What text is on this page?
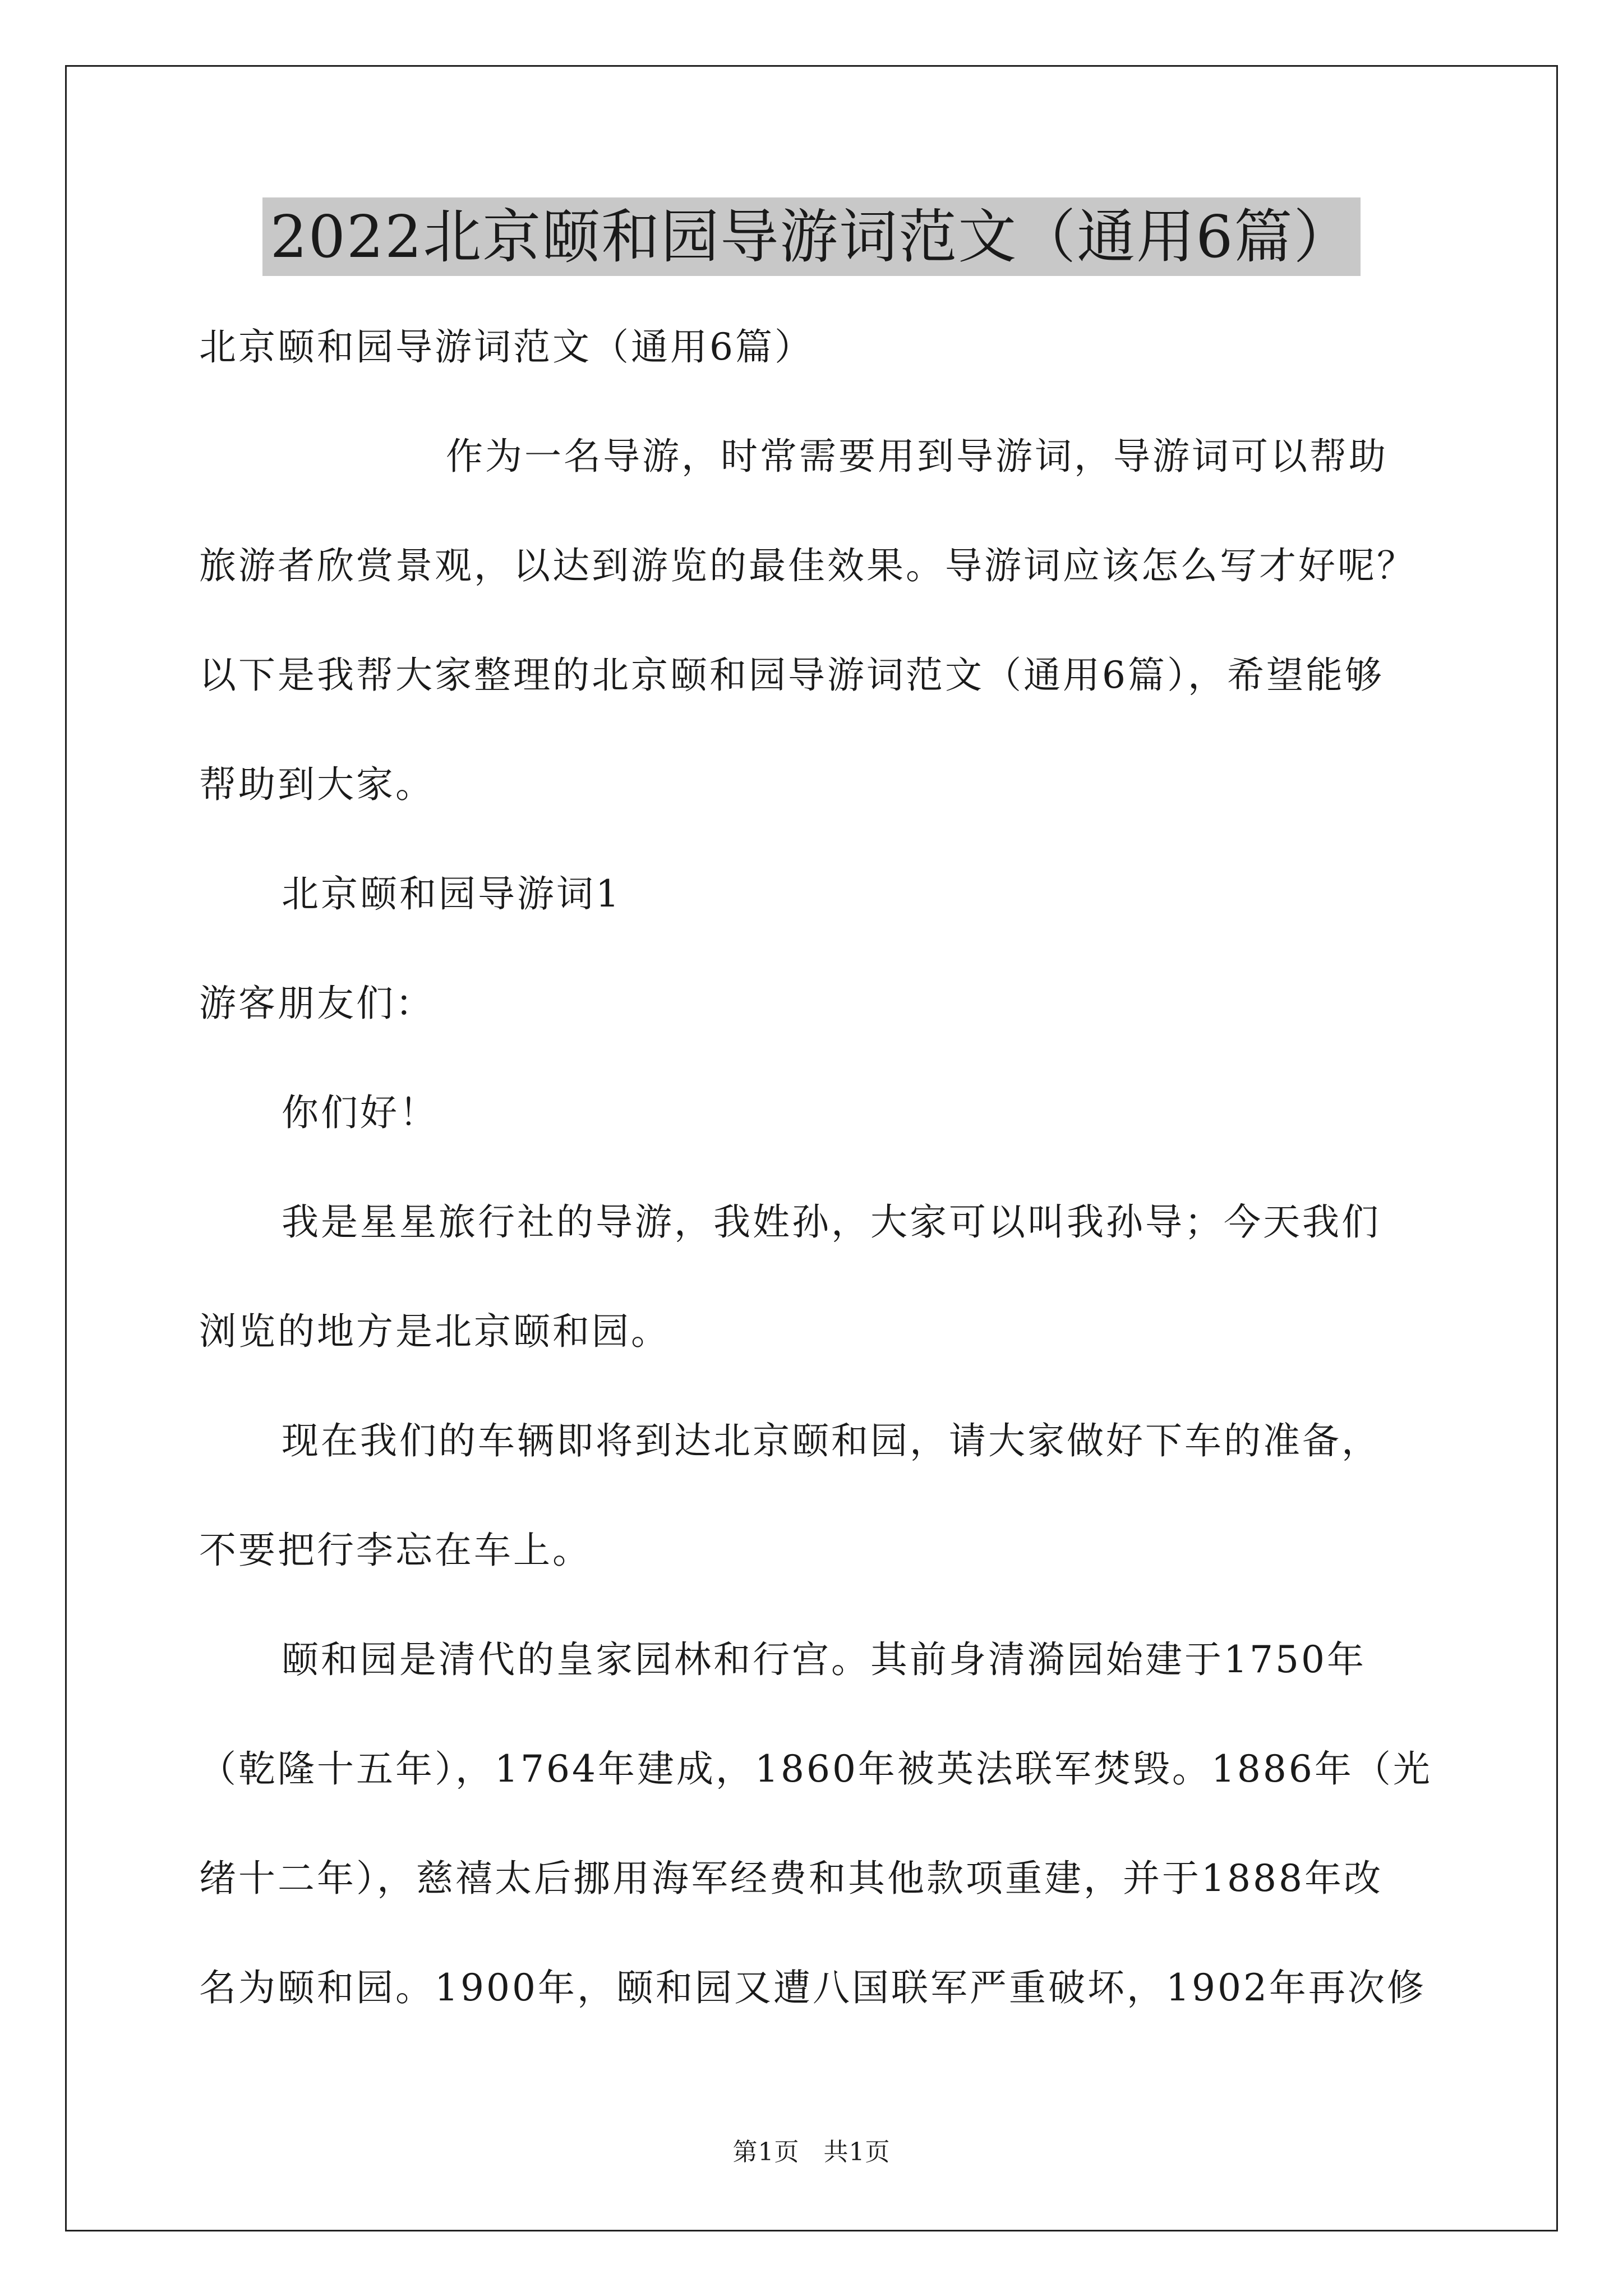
2022北京颐和园导游词范文（通用6篇）
北京颐和园导游词范文（通用6篇）
作为一名导游，时常需要用到导游词，导游词可以帮助
旅游者欣赏景观，以达到游览的最佳效果。导游词应该怎么写才好呢？
以下是我帮大家整理的北京颐和园导游词范文（通用6篇），希望能够
帮助到大家。
北京颐和园导游词1
游客朋友们：
你们好！
我是星星旅行社的导游，我姓孙，大家可以叫我孙导；今天我们
浏览的地方是北京颐和园。
现在我们的车辆即将到达北京颐和园，请大家做好下车的准备，
不要把行李忘在车上。
颐和园是清代的皇家园林和行宫。其前身清漪园始建于1750年
（乾隆十五年），1764年建成，1860年被英法联军焚毁。1886年（光
绪十二年），慈禧太后挪用海军经费和其他款项重建，并于1888年改
名为颐和园。1900年，颐和园又遭八国联军严重破坏，1902年再次修
第1页 共1页
